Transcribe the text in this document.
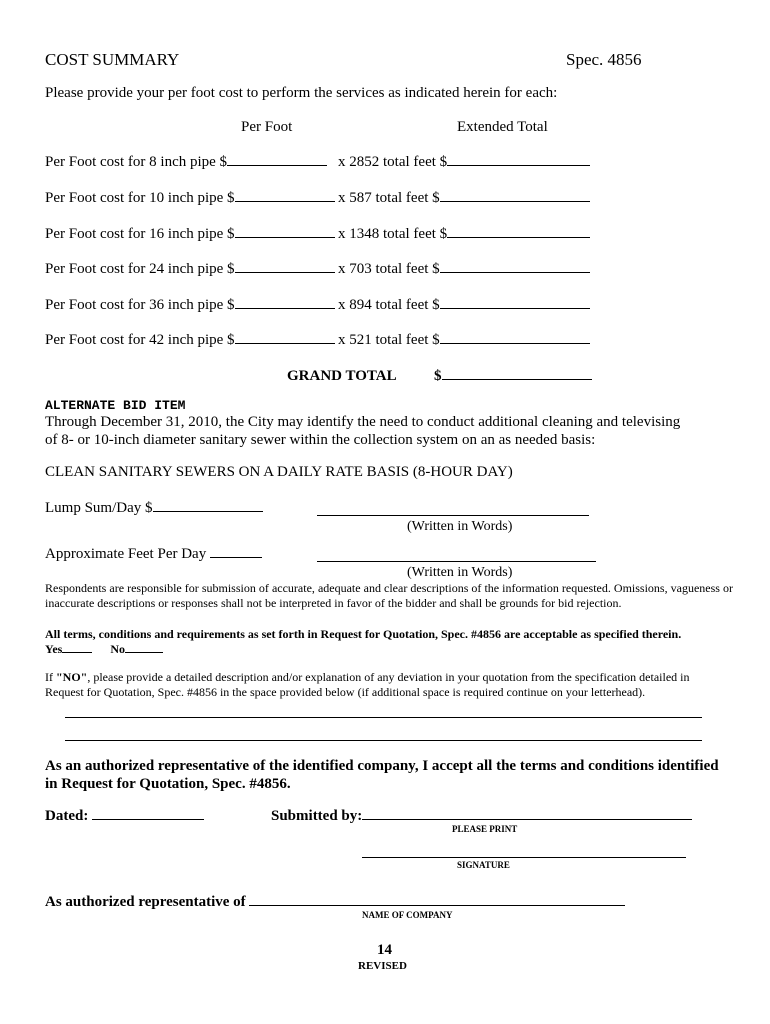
COST SUMMARY	Spec. 4856
Please provide your per foot cost to perform the services as indicated herein for each:
Per Foot	Extended Total
Per Foot cost for 8 inch pipe $	x 2852 total feet $
Per Foot cost for 10 inch pipe $	x 587 total feet $
Per Foot cost for 16 inch pipe $	x 1348 total feet $
Per Foot cost for 24 inch pipe $	x 703 total feet $
Per Foot cost for 36 inch pipe $	x 894 total feet $
Per Foot cost for 42 inch pipe $	x 521 total feet $
GRAND TOTAL $
ALTERNATE BID ITEM
Through December 31, 2010, the City may identify the need to conduct additional cleaning and televising
of 8- or 10-inch diameter sanitary sewer within the collection system on an as needed basis:
CLEAN SANITARY SEWERS ON A DAILY RATE BASIS (8-HOUR DAY)
Lump Sum/Day $
(Written in Words)
Approximate Feet Per Day
(Written in Words)
Respondents are responsible for submission of accurate, adequate and clear descriptions of the information requested. Omissions, vagueness or inaccurate descriptions or responses shall not be interpreted in favor of the bidder and shall be grounds for bid rejection.
All terms, conditions and requirements as set forth in Request for Quotation, Spec. #4856 are acceptable as specified therein.
Yes	No
If "NO", please provide a detailed description and/or explanation of any deviation in your quotation from the specification detailed in
Request for Quotation, Spec. #4856 in the space provided below (if additional space is required continue on your letterhead).
As an authorized representative of the identified company, I accept all the terms and conditions identified
in Request for Quotation, Spec. #4856.
Dated:	Submitted by:
PLEASE PRINT
SIGNATURE
As authorized representative of
NAME OF COMPANY
14
REVISED
